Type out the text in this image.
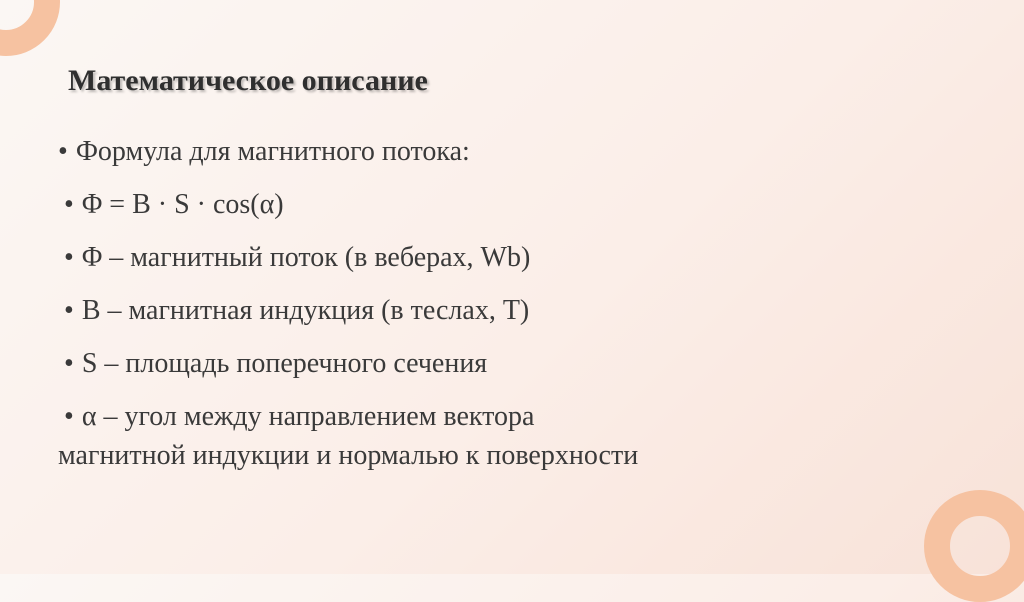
Математическое описание

• Формула для магнитного потока:

• Φ = B · S · cos(α)

• Φ – магнитный поток (в веберах, Wb)

• B – магнитная индукция (в теслах, T)

• S – площадь поперечного сечения

• α – угол между направлением вектора
магнитной индукции и нормалью к поверхности
